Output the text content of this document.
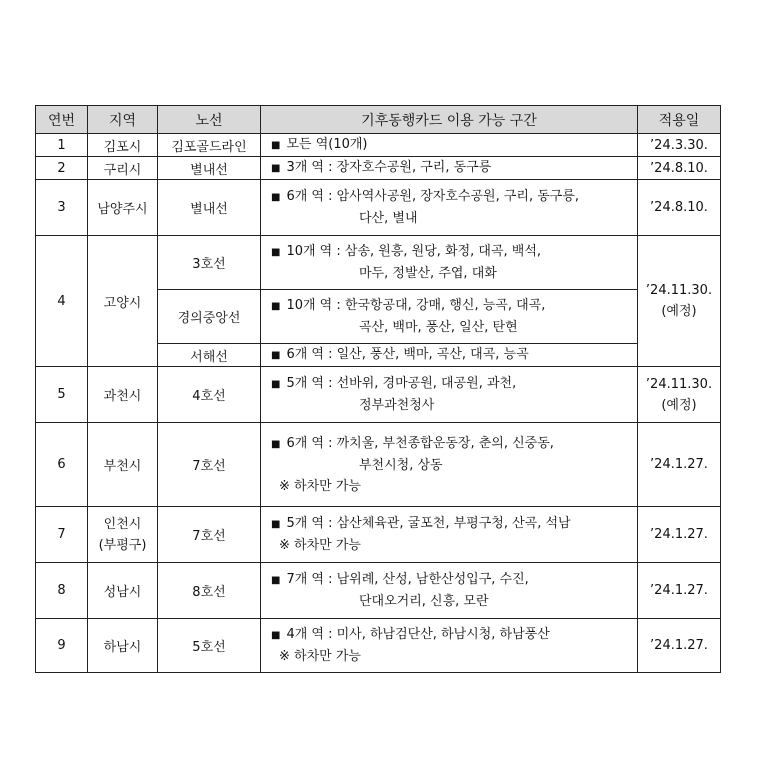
연번	지역	노선	기후동행카드 이용 가능 구간	적용일
1	김포시	김포골드라인	■ 모든 역(10개)	’24.3.30.
2	구리시	별내선	■ 3개 역 : 장자호수공원, 구리, 동구릉	’24.8.10.
3	남양주시	별내선	■ 6개 역 : 암사역사공원, 장자호수공원, 구리, 동구릉,
다산, 별내	’24.8.10.
4	고양시	3호선	■ 10개 역 : 삼송, 원흥, 원당, 화정, 대곡, 백석,
마두, 정발산, 주엽, 대화	’24.11.30.
(예정)

		경의중앙선	■ 10개 역 : 한국항공대, 강매, 행신, 능곡, 대곡,
곡산, 백마, 풍산, 일산, 탄현	

		서해선	■ 6개 역 : 일산, 풍산, 백마, 곡산, 대곡, 능곡	

5	과천시	4호선	■ 5개 역 : 선바위, 경마공원, 대공원, 과천,
정부과천청사	’24.11.30.
(예정)

6	부천시	7호선	■ 6개 역 : 까치울, 부천종합운동장, 춘의, 신중동,
부천시청, 상동
※ 하차만 가능	’24.1.27.
7	인천시
(부평구)	7호선	■ 5개 역 : 삼산체육관, 굴포천, 부평구청, 산곡, 석남
※ 하차만 가능	’24.1.27.
8	성남시	8호선	■ 7개 역 : 남위례, 산성, 남한산성입구, 수진,
단대오거리, 신흥, 모란	’24.1.27.
9	하남시	5호선	■ 4개 역 : 미사, 하남검단산, 하남시청, 하남풍산
※ 하차만 가능	’24.1.27.
